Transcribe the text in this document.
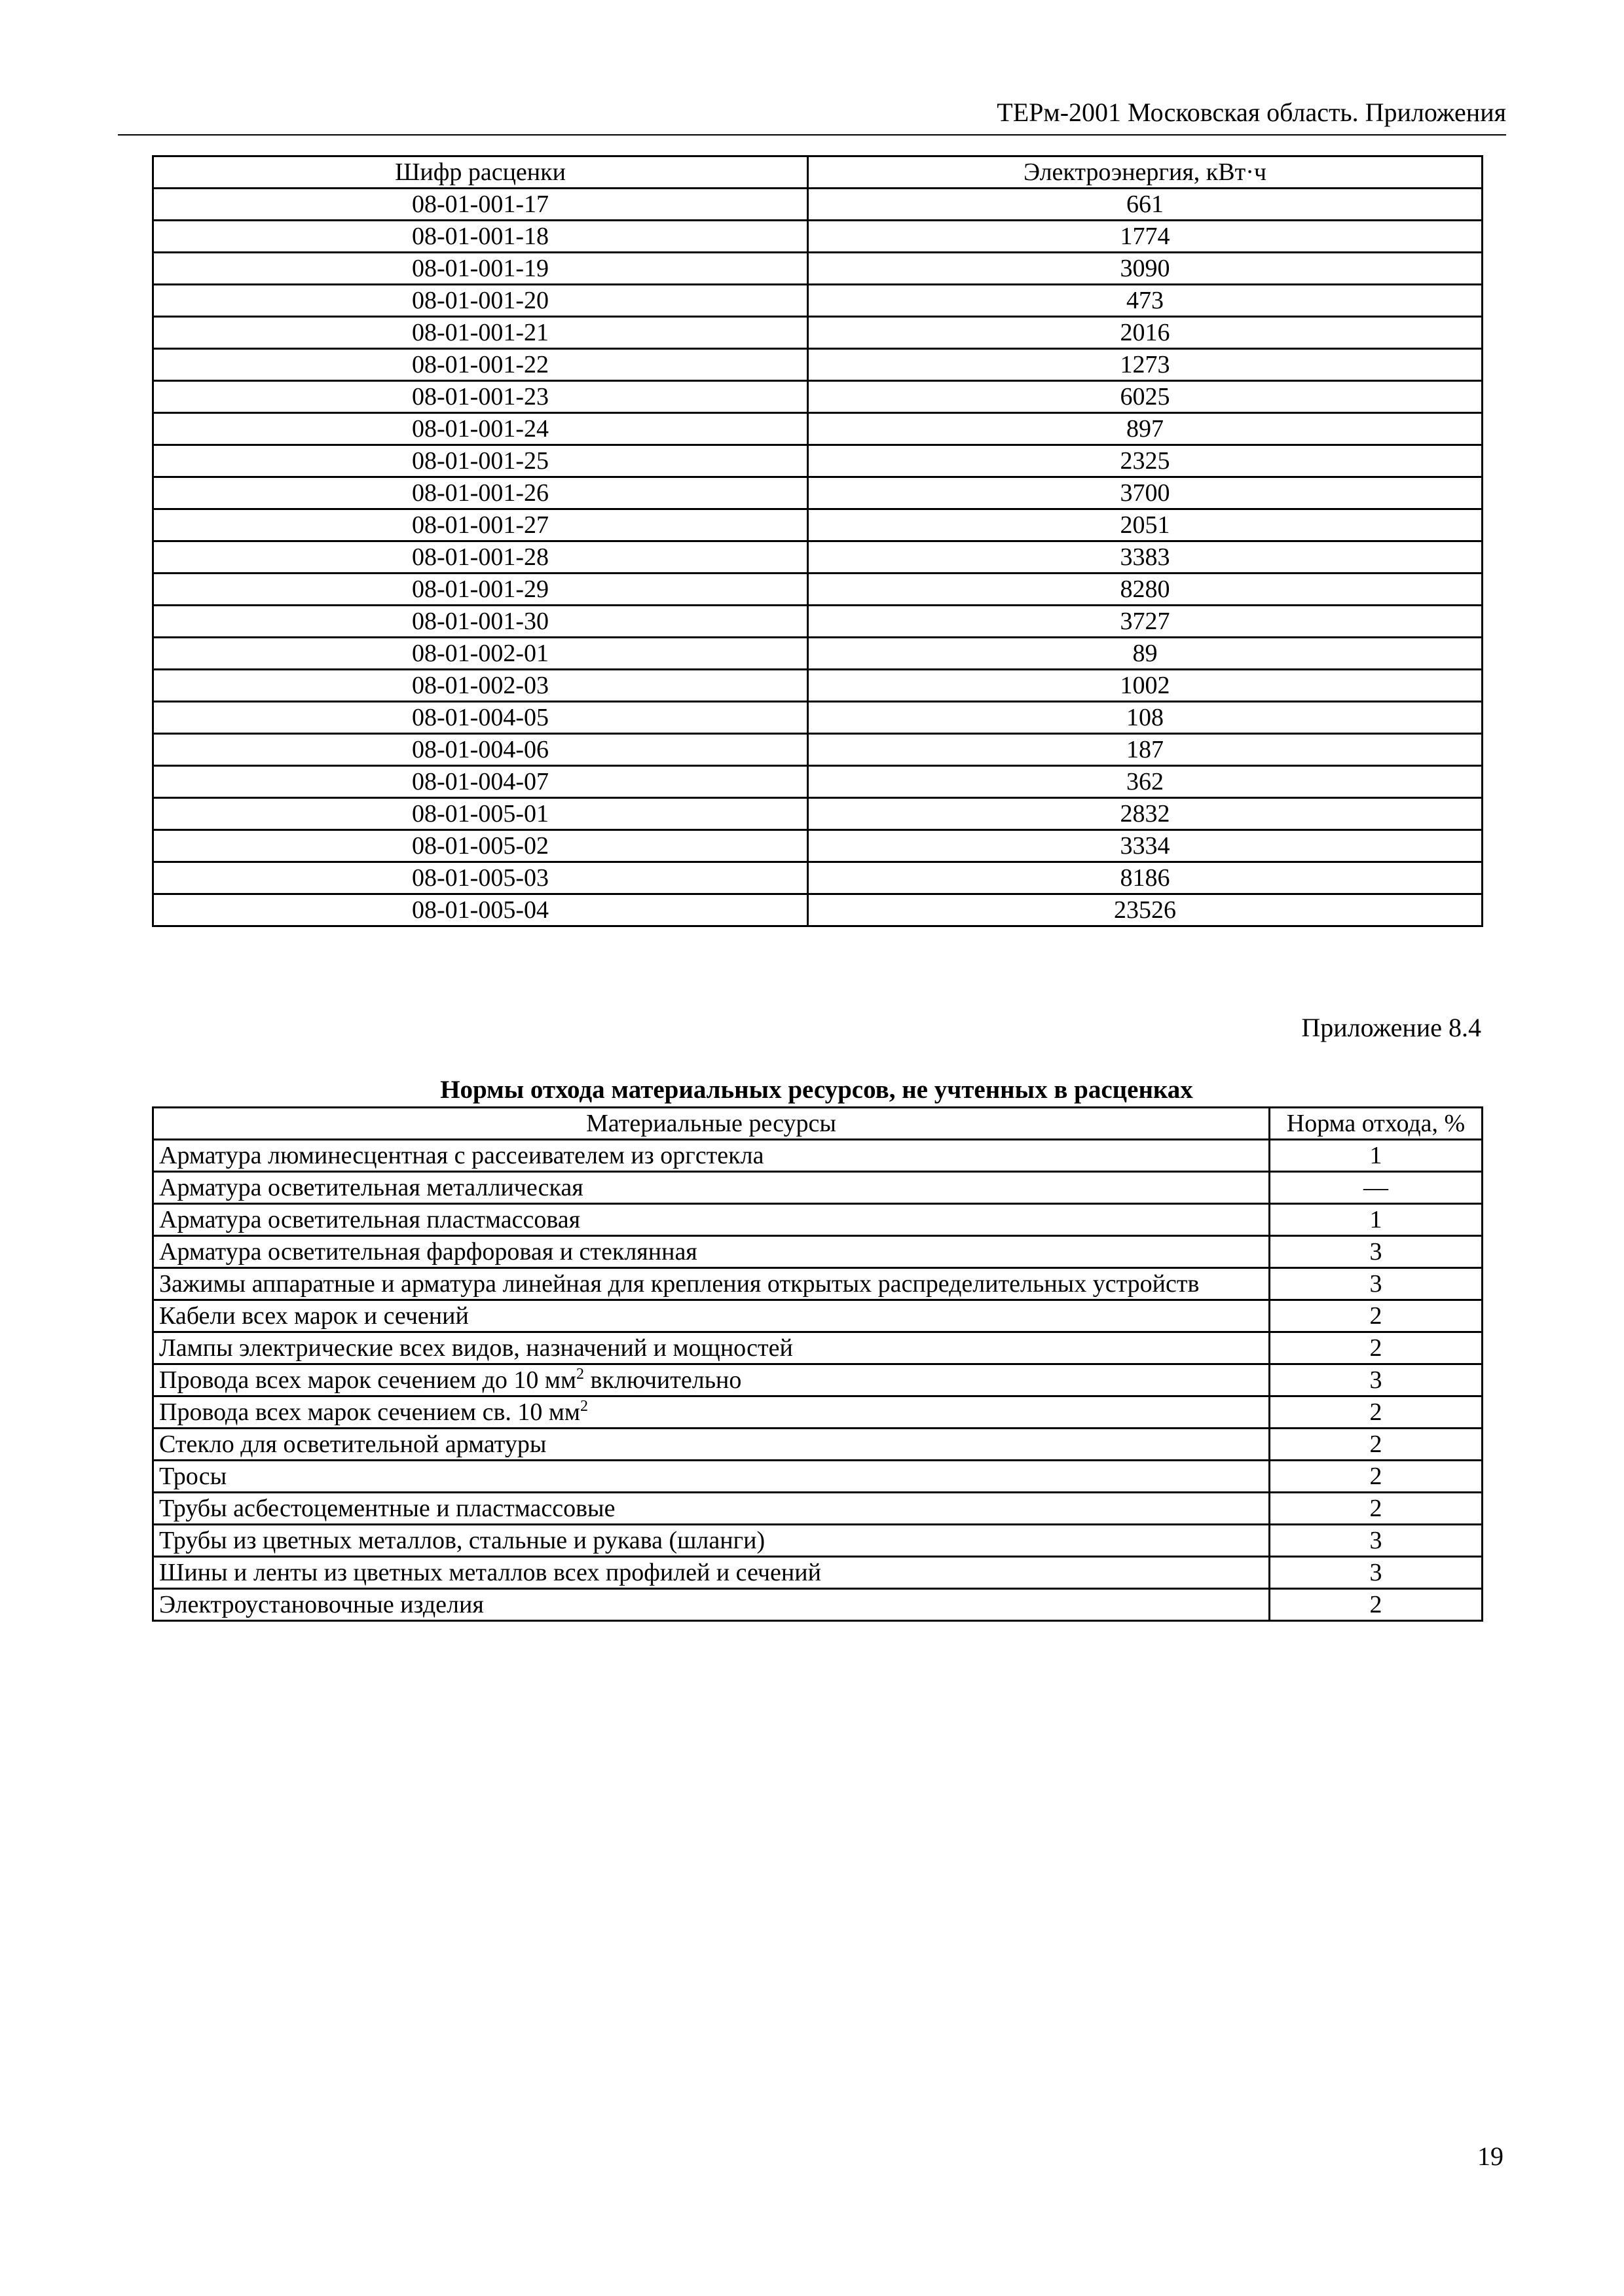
ТЕРм-2001 Московская область. Приложения
Шифр расценки	Электроэнергия, кВт·ч
08-01-001-17	661
08-01-001-18	1774
08-01-001-19	3090
08-01-001-20	473
08-01-001-21	2016
08-01-001-22	1273
08-01-001-23	6025
08-01-001-24	897
08-01-001-25	2325
08-01-001-26	3700
08-01-001-27	2051
08-01-001-28	3383
08-01-001-29	8280
08-01-001-30	3727
08-01-002-01	89
08-01-002-03	1002
08-01-004-05	108
08-01-004-06	187
08-01-004-07	362
08-01-005-01	2832
08-01-005-02	3334
08-01-005-03	8186
08-01-005-04	23526
Приложение 8.4
Нормы отхода материальных ресурсов, не учтенных в расценках
Материальные ресурсы	Норма отхода, %
Арматура люминесцентная с рассеивателем из оргстекла	1
Арматура осветительная металлическая	—
Арматура осветительная пластмассовая	1
Арматура осветительная фарфоровая и стеклянная	3
Зажимы аппаратные и арматура линейная для крепления открытых распределительных устройств	3
Кабели всех марок и сечений	2
Лампы электрические всех видов, назначений и мощностей	2
Провода всех марок сечением до 10 $мм^2$ включительно	3
Провода всех марок сечением св. 10 $мм^2$	2
Стекло для осветительной арматуры	2
Тросы	2
Трубы асбестоцементные и пластмассовые	2
Трубы из цветных металлов, стальные и рукава (шланги)	3
Шины и ленты из цветных металлов всех профилей и сечений	3
Электроустановочные изделия	2
19
